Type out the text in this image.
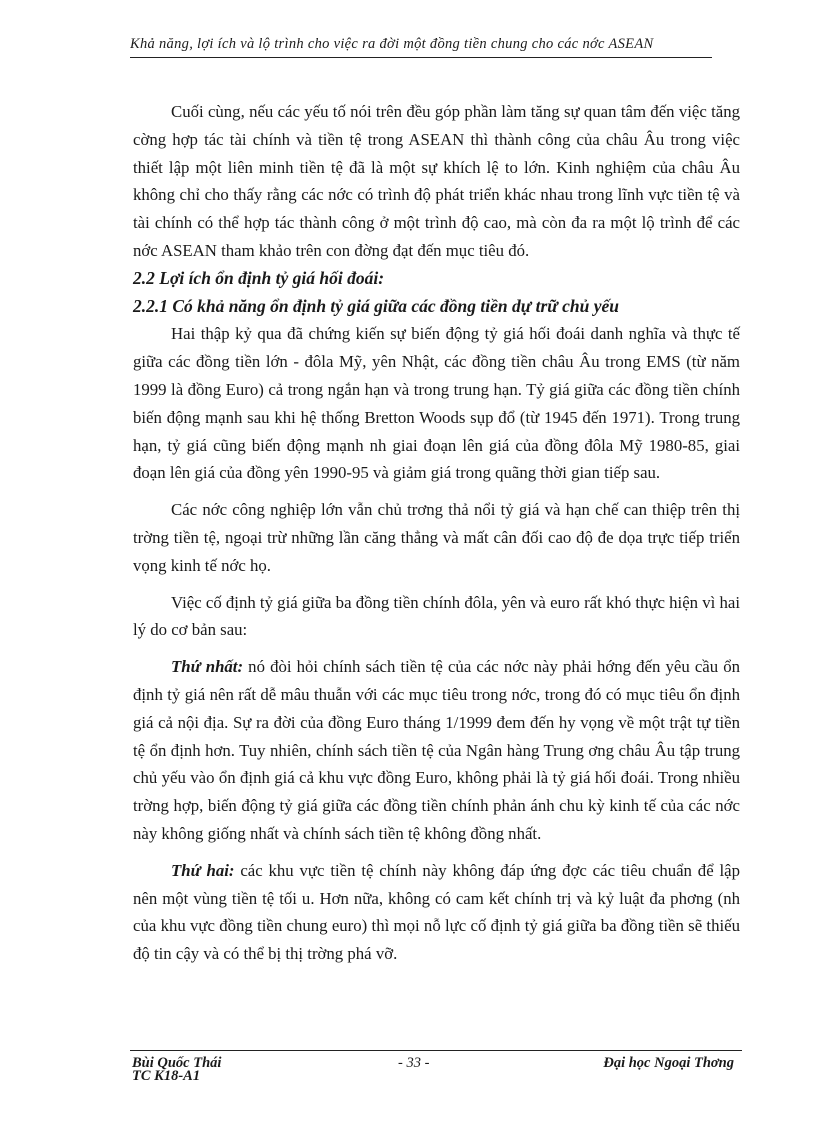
Khả năng, lợi ích và lộ trình cho việc ra đời một đồng tiền chung cho các nớc ASEAN

Cuối cùng, nếu các yếu tố nói trên đều góp phần làm tăng sự quan tâm đến việc tăng cờng hợp tác tài chính và tiền tệ trong ASEAN thì thành công của châu Âu trong việc thiết lập một liên minh tiền tệ đã là một sự khích lệ to lớn. Kinh nghiệm của châu Âu không chỉ cho thấy rằng các nớc có trình độ phát triển khác nhau trong lĩnh vực tiền tệ và tài chính có thể hợp tác thành công ở một trình độ cao, mà còn đa ra một lộ trình để các nớc ASEAN tham khảo trên con đờng đạt đến mục tiêu đó.

2.2 Lợi ích ổn định tỷ giá hối đoái:

2.2.1 Có khả năng ổn định tỷ giá giữa các đồng tiền dự trữ chủ yếu

Hai thập kỷ qua đã chứng kiến sự biến động tỷ giá hối đoái danh nghĩa và thực tế giữa các đồng tiền lớn - đôla Mỹ, yên Nhật, các đồng tiền châu Âu trong EMS (từ năm 1999 là đồng Euro) cả trong ngắn hạn và trong trung hạn. Tỷ giá giữa các đồng tiền chính biến động mạnh sau khi hệ thống Bretton Woods sụp đổ (từ 1945 đến 1971). Trong trung hạn, tỷ giá cũng biến động mạnh nh giai đoạn lên giá của đồng đôla Mỹ 1980-85, giai đoạn lên giá của đồng yên 1990-95 và giảm giá trong quãng thời gian tiếp sau.

Các nớc công nghiệp lớn vẫn chủ trơng thả nổi tỷ giá và hạn chế can thiệp trên thị trờng tiền tệ, ngoại trừ những lần căng thẳng và mất cân đối cao độ đe dọa trực tiếp triển vọng kinh tế nớc họ.

Việc cố định tỷ giá giữa ba đồng tiền chính đôla, yên và euro rất khó thực hiện vì hai lý do cơ bản sau:

Thứ nhất: nó đòi hỏi chính sách tiền tệ của các nớc này phải hớng đến yêu cầu ổn định tỷ giá nên rất dễ mâu thuẫn với các mục tiêu trong nớc, trong đó có mục tiêu ổn định giá cả nội địa. Sự ra đời của đồng Euro tháng 1/1999 đem đến hy vọng về một trật tự tiền tệ ổn định hơn. Tuy nhiên, chính sách tiền tệ của Ngân hàng Trung ơng châu Âu tập trung chủ yếu vào ổn định giá cả khu vực đồng Euro, không phải là tỷ giá hối đoái. Trong nhiều trờng hợp, biến động tỷ giá giữa các đồng tiền chính phản ánh chu kỳ kinh tế của các nớc này không giống nhất và chính sách tiền tệ không đồng nhất.

Thứ hai: các khu vực tiền tệ chính này không đáp ứng đợc các tiêu chuẩn để lập nên một vùng tiền tệ tối u. Hơn nữa, không có cam kết chính trị và kỷ luật đa phơng (nh của khu vực đồng tiền chung euro) thì mọi nỗ lực cố định tỷ giá giữa ba đồng tiền sẽ thiếu độ tin cậy và có thể bị thị trờng phá vỡ.

Bùi Quốc Thái	- 33 -	Đại học Ngoại Thơng
TC K18-A1
